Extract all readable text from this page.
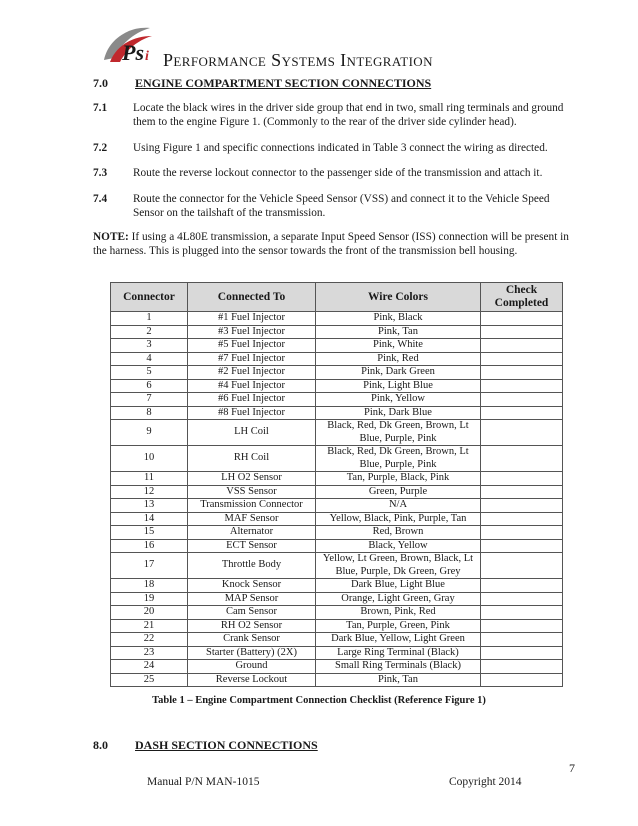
Ps i Performance Systems Integration
7.0 ENGINE COMPARTMENT SECTION CONNECTIONS
7.1 Locate the black wires in the driver side group that end in two, small ring terminals and ground them to the engine Figure 1. (Commonly to the rear of the driver side cylinder head).
7.2 Using Figure 1 and specific connections indicated in Table 3 connect the wiring as directed.
7.3 Route the reverse lockout connector to the passenger side of the transmission and attach it.
7.4 Route the connector for the Vehicle Speed Sensor (VSS) and connect it to the Vehicle Speed Sensor on the tailshaft of the transmission.
NOTE: If using a 4L80E transmission, a separate Input Speed Sensor (ISS) connection will be present in the harness. This is plugged into the sensor towards the front of the transmission bell housing.
Connector	Connected To	Wire Colors	Check Completed
1	#1 Fuel Injector	Pink, Black	
2	#3 Fuel Injector	Pink, Tan	
3	#5 Fuel Injector	Pink, White	
4	#7 Fuel Injector	Pink, Red	
5	#2 Fuel Injector	Pink, Dark Green	
6	#4 Fuel Injector	Pink, Light Blue	
7	#6 Fuel Injector	Pink, Yellow	
8	#8 Fuel Injector	Pink, Dark Blue	
9	LH Coil	Black, Red, Dk Green, Brown, Lt Blue, Purple, Pink	
10	RH Coil	Black, Red, Dk Green, Brown, Lt Blue, Purple, Pink	
11	LH O2 Sensor	Tan, Purple, Black, Pink	
12	VSS Sensor	Green, Purple	
13	Transmission Connector	N/A	
14	MAF Sensor	Yellow, Black, Pink, Purple, Tan	
15	Alternator	Red, Brown	
16	ECT Sensor	Black, Yellow	
17	Throttle Body	Yellow, Lt Green, Brown, Black, Lt Blue, Purple, Dk Green, Grey	
18	Knock Sensor	Dark Blue, Light Blue	
19	MAP Sensor	Orange, Light Green, Gray	
20	Cam Sensor	Brown, Pink, Red	
21	RH O2 Sensor	Tan, Purple, Green, Pink	
22	Crank Sensor	Dark Blue, Yellow, Light Green	
23	Starter (Battery) (2X)	Large Ring Terminal (Black)	
24	Ground	Small Ring Terminals (Black)	
25	Reverse Lockout	Pink, Tan	
Table 1 – Engine Compartment Connection Checklist (Reference Figure 1)
8.0 DASH SECTION CONNECTIONS
7
Manual P/N MAN-1015	Copyright 2014
